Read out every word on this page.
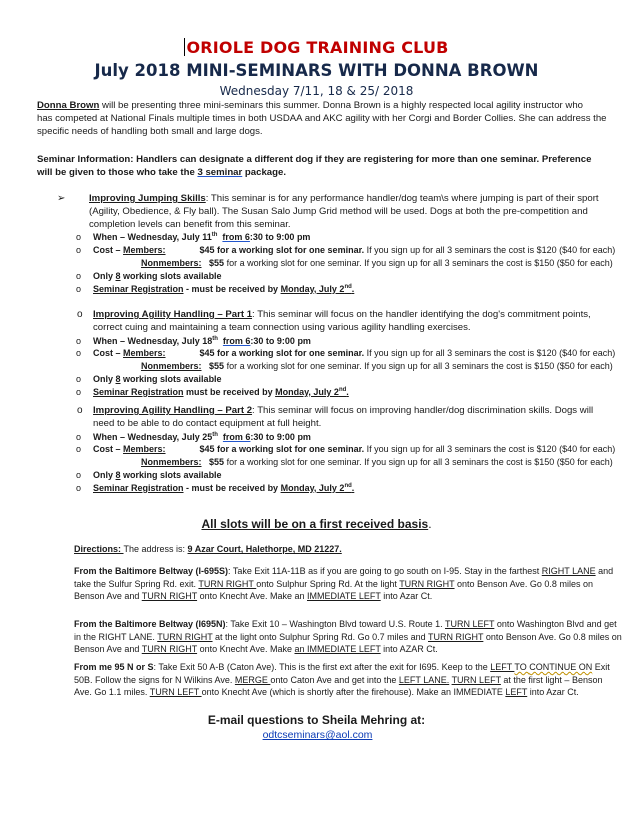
ORIOLE DOG TRAINING CLUB
July 2018 MINI-SEMINARS WITH DONNA BROWN
Wednesday 7/11, 18 & 25/ 2018
Donna Brown will be presenting three mini-seminars this summer. Donna Brown is a highly respected local agility instructor who
has competed at National Finals multiple times in both USDAA and AKC agility with her Corgi and Border Collies. She can address the
specific needs of handling both small and large dogs.
Seminar Information: Handlers can designate a different dog if they are registering for more than one seminar. Preference
will be given to those who take the 3 seminar package.
➢ Improving Jumping Skills: This seminar is for any performance handler/dog team\s where jumping is part of their sport
(Agility, Obedience, & Fly ball). The Susan Salo Jump Grid method will be used. Dogs at both the pre-competition and
completion levels can benefit from this seminar.
o When – Wednesday, July 11th from 6:30 to 9:00 pm
o Cost – Members:	$45 for a working slot for one seminar. If you sign up for all 3 seminars the cost is $120 ($40 for each)
Nonmembers: $55 for a working slot for one seminar. If you sign up for all 3 seminars the cost is $150 ($50 for each)
o Only 8 working slots available
o Seminar Registration - must be received by Monday, July 2nd.
o Improving Agility Handling – Part 1: This seminar will focus on the handler identifying the dog's commitment points,
correct cuing and maintaining a team connection using various agility handling exercises.
o When – Wednesday, July 18th from 6:30 to 9:00 pm
o Cost – Members:	$45 for a working slot for one seminar. If you sign up for all 3 seminars the cost is $120 ($40 for each)
Nonmembers: $55 for a working slot for one seminar. If you sign up for all 3 seminars the cost is $150 ($50 for each)
o Only 8 working slots available
o Seminar Registration must be received by Monday, July 2nd.
o Improving Agility Handling – Part 2: This seminar will focus on improving handler/dog discrimination skills. Dogs will
need to be able to do contact equipment at full height.
o When – Wednesday, July 25th from 6:30 to 9:00 pm
o Cost – Members:	$45 for a working slot for one seminar. If you sign up for all 3 seminars the cost is $120 ($40 for each)
Nonmembers: $55 for a working slot for one seminar. If you sign up for all 3 seminars the cost is $150 ($50 for each)
o Only 8 working slots available
o Seminar Registration - must be received by Monday, July 2nd.
All slots will be on a first received basis.
Directions: The address is: 9 Azar Court, Halethorpe, MD 21227.
From the Baltimore Beltway (I-695S): Take Exit 11A-11B as if you are going to go south on I-95. Stay in the farthest RIGHT LANE and
take the Sulfur Spring Rd. exit. TURN RIGHT onto Sulphur Spring Rd. At the light TURN RIGHT onto Benson Ave. Go 0.8 miles on
Benson Ave and TURN RIGHT onto Knecht Ave. Make an IMMEDIATE LEFT into Azar Ct.
From the Baltimore Beltway (I695N): Take Exit 10 – Washington Blvd toward U.S. Route 1. TURN LEFT onto Washington Blvd and get
in the RIGHT LANE. TURN RIGHT at the light onto Sulphur Spring Rd. Go 0.7 miles and TURN RIGHT onto Benson Ave. Go 0.8 miles on
Benson Ave and TURN RIGHT onto Knecht Ave. Make an IMMEDIATE LEFT into AZAR Ct.
From me 95 N or S: Take Exit 50 A-B (Caton Ave). This is the first ext after the exit for I695. Keep to the LEFT TO CONTINUE ON Exit
50B. Follow the signs for N Wilkins Ave. MERGE onto Caton Ave and get into the LEFT LANE. TURN LEFT at the first light – Benson
Ave. Go 1.1 miles. TURN LEFT onto Knecht Ave (which is shortly after the firehouse). Make an IMMEDIATE LEFT into Azar Ct.
E-mail questions to Sheila Mehring at:
odtcseminars@aol.com
